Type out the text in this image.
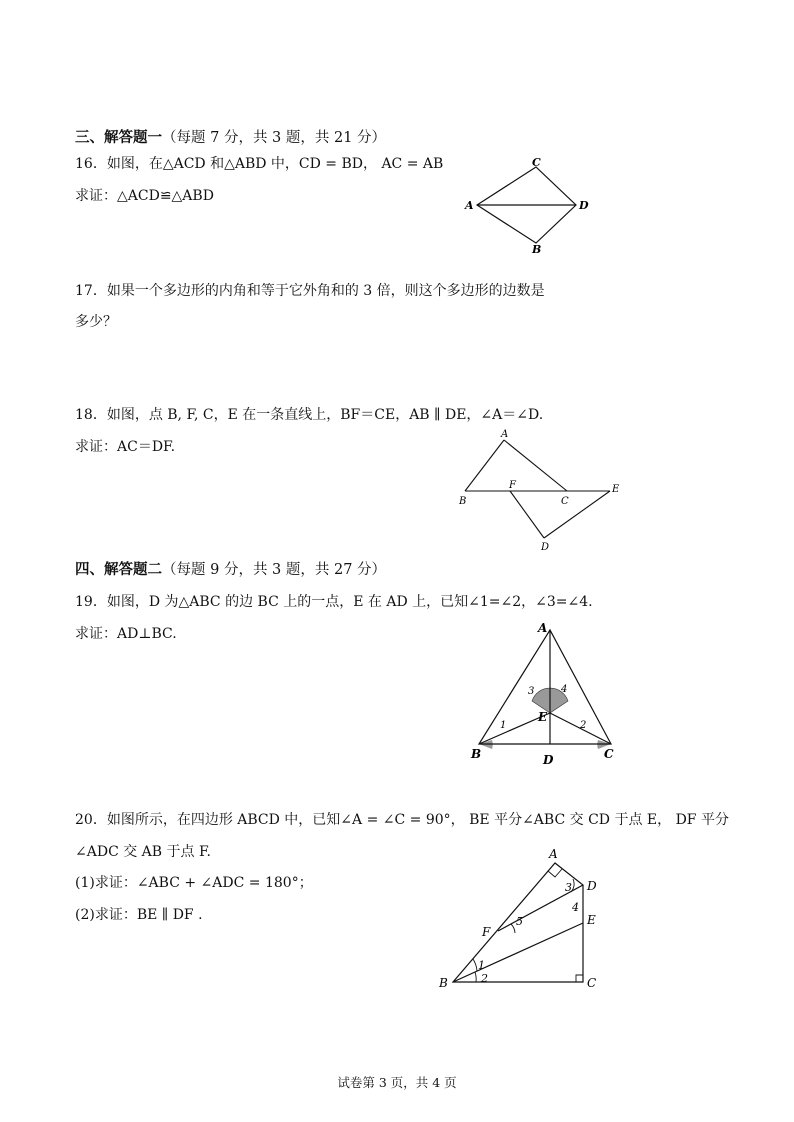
三、解答题一（每题 7 分，共 3 题，共 21 分）
16．如图，在△ACD 和△ABD 中，CD = BD， AC = AB
求证：△ACD≌△ABD
C
A	D
B
17．如果一个多边形的内角和等于它外角和的 3 倍，则这个多边形的边数是
多少？
18．如图，点 B, F, C，E 在一条直线上，BF＝CE，AB ∥ DE，∠A＝∠D.
求证：AC＝DF.
A
B
F
C
E
D
四、解答题二（每题 9 分，共 3 题，共 27 分）
19．如图，D 为△ABC 的边 BC 上的一点，E 在 AD 上，已知∠1=∠2，∠3=∠4.
求证：AD⊥BC.	A
B	C
D
E
1	2
3	4
20．如图所示，在四边形 ABCD 中，已知∠A = ∠C = 90°， BE 平分∠ABC 交 CD 于点 E， DF 平分
∠ADC 交 AB 于点 F.
(1)求证：∠ABC + ∠ADC = 180°；
(2)求证：BE ∥ DF .
A
D
E
F
B	C
1
2
3
4
5
试卷第 3 页，共 4 页
